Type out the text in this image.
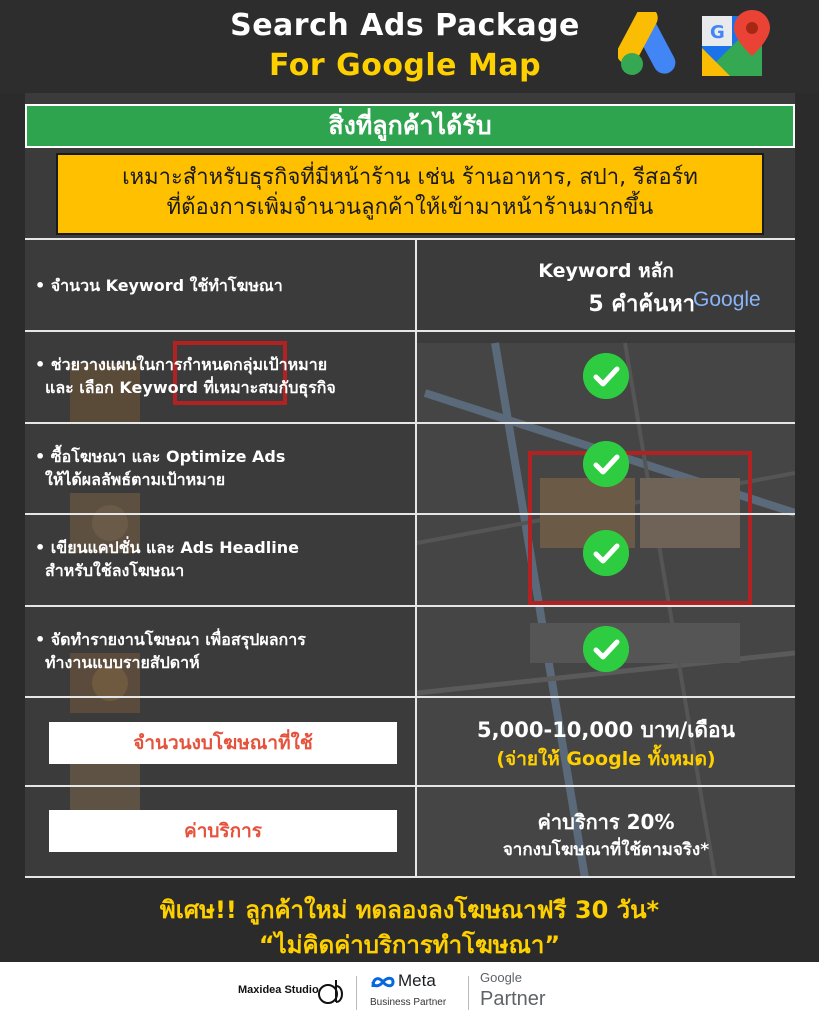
Search Ads Package
For Google Map
G
สิ่งที่ลูกค้าได้รับ
เหมาะสำหรับธุรกิจที่มีหน้าร้าน เช่น ร้านอาหาร, สปา, รีสอร์ท
ที่ต้องการเพิ่มจำนวนลูกค้าให้เข้ามาหน้าร้านมากขึ้น
• จำนวน Keyword ใช้ทำโฆษณา
Keyword หลัก
5 คำค้นหา
Google
• ช่วยวางแผนในการกำหนดกลุ่มเป้าหมาย
และ เลือก Keyword ที่เหมาะสมกับธุรกิจ
• ซื้อโฆษณา และ Optimize Ads
ให้ได้ผลลัพธ์ตามเป้าหมาย
• เขียนแคปชั่น และ Ads Headline
สำหรับใช้ลงโฆษณา
• จัดทำรายงานโฆษณา เพื่อสรุปผลการ
ทำงานแบบรายสัปดาห์
จำนวนงบโฆษณาที่ใช้
5,000-10,000 บาท/เดือน
(จ่ายให้ Google ทั้งหมด)
ค่าบริการ	ค่าบริการ 20%
จากงบโฆษณาที่ใช้ตามจริง*
พิเศษ!! ลูกค้าใหม่ ทดลองลงโฆษณาฟรี 30 วัน*
“ไม่คิดค่าบริการทำโฆษณา”
Maxidea Studio	Meta
Business Partner
Google
Partner
